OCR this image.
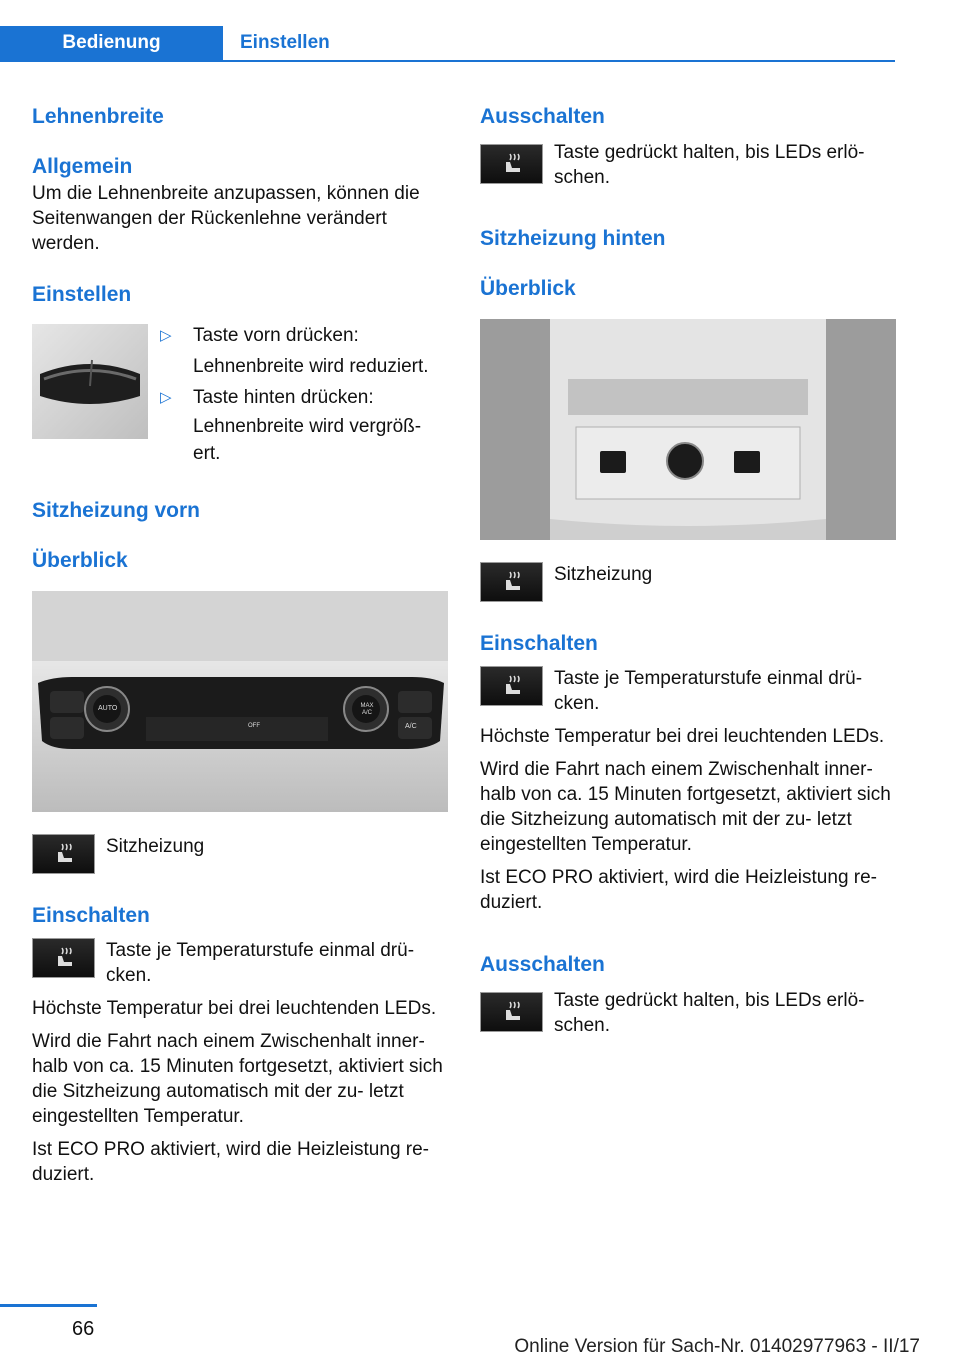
Bedienung	Einstellen
Lehnenbreite
Allgemein

Um die Lehnenbreite anzupassen, können die Seitenwangen der Rückenlehne verändert werden.

Einstellen
▷	Taste vorn drücken:
Lehnenbreite wird reduziert.
▷	Taste hinten drücken:
Lehnenbreite wird vergröß- ert.
Sitzheizung vorn
Überblick
AUTO	MAX A/C
A/C
OFF
Sitzheizung
Einschalten
Taste je Temperaturstufe einmal drü- cken.

Höchste Temperatur bei drei leuchtenden LEDs.

Wird die Fahrt nach einem Zwischenhalt inner- halb von ca. 15 Minuten fortgesetzt, aktiviert sich die Sitzheizung automatisch mit der zu- letzt eingestellten Temperatur.

Ist ECO PRO aktiviert, wird die Heizleistung re- duziert.

Ausschalten
Taste gedrückt halten, bis LEDs erlö- schen.
Sitzheizung hinten
Überblick
Sitzheizung
Einschalten
Taste je Temperaturstufe einmal drü- cken.

Höchste Temperatur bei drei leuchtenden LEDs.

Wird die Fahrt nach einem Zwischenhalt inner- halb von ca. 15 Minuten fortgesetzt, aktiviert sich die Sitzheizung automatisch mit der zu- letzt eingestellten Temperatur.

Ist ECO PRO aktiviert, wird die Heizleistung re- duziert.

Ausschalten
Taste gedrückt halten, bis LEDs erlö- schen.
66
Online Version für Sach-Nr. 01402977963 - II/17
